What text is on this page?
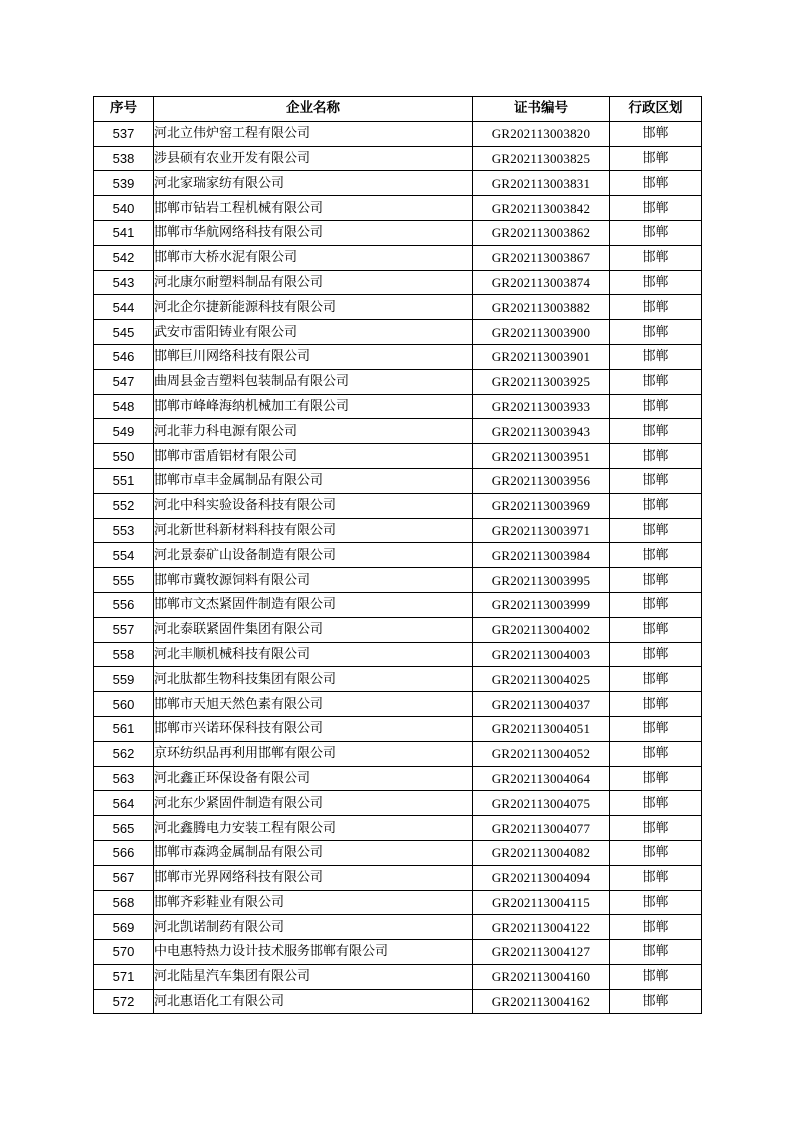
序号	企业名称	证书编号	行政区划
537	河北立伟炉窑工程有限公司	GR202113003820	邯郸
538	涉县硕有农业开发有限公司	GR202113003825	邯郸
539	河北家瑞家纺有限公司	GR202113003831	邯郸
540	邯郸市钻岩工程机械有限公司	GR202113003842	邯郸
541	邯郸市华航网络科技有限公司	GR202113003862	邯郸
542	邯郸市大桥水泥有限公司	GR202113003867	邯郸
543	河北康尔耐塑料制品有限公司	GR202113003874	邯郸
544	河北企尔捷新能源科技有限公司	GR202113003882	邯郸
545	武安市雷阳铸业有限公司	GR202113003900	邯郸
546	邯郸巨川网络科技有限公司	GR202113003901	邯郸
547	曲周县金吉塑料包装制品有限公司	GR202113003925	邯郸
548	邯郸市峰峰海纳机械加工有限公司	GR202113003933	邯郸
549	河北菲力科电源有限公司	GR202113003943	邯郸
550	邯郸市雷盾铝材有限公司	GR202113003951	邯郸
551	邯郸市卓丰金属制品有限公司	GR202113003956	邯郸
552	河北中科实验设备科技有限公司	GR202113003969	邯郸
553	河北新世科新材料科技有限公司	GR202113003971	邯郸
554	河北景泰矿山设备制造有限公司	GR202113003984	邯郸
555	邯郸市冀牧源饲料有限公司	GR202113003995	邯郸
556	邯郸市文杰紧固件制造有限公司	GR202113003999	邯郸
557	河北泰联紧固件集团有限公司	GR202113004002	邯郸
558	河北丰顺机械科技有限公司	GR202113004003	邯郸
559	河北肽都生物科技集团有限公司	GR202113004025	邯郸
560	邯郸市天旭天然色素有限公司	GR202113004037	邯郸
561	邯郸市兴诺环保科技有限公司	GR202113004051	邯郸
562	京环纺织品再利用邯郸有限公司	GR202113004052	邯郸
563	河北鑫正环保设备有限公司	GR202113004064	邯郸
564	河北东少紧固件制造有限公司	GR202113004075	邯郸
565	河北鑫腾电力安装工程有限公司	GR202113004077	邯郸
566	邯郸市森鸿金属制品有限公司	GR202113004082	邯郸
567	邯郸市光界网络科技有限公司	GR202113004094	邯郸
568	邯郸齐彩鞋业有限公司	GR202113004115	邯郸
569	河北凯诺制药有限公司	GR202113004122	邯郸
570	中电惠特热力设计技术服务邯郸有限公司	GR202113004127	邯郸
571	河北陆星汽车集团有限公司	GR202113004160	邯郸
572	河北惠语化工有限公司	GR202113004162	邯郸
